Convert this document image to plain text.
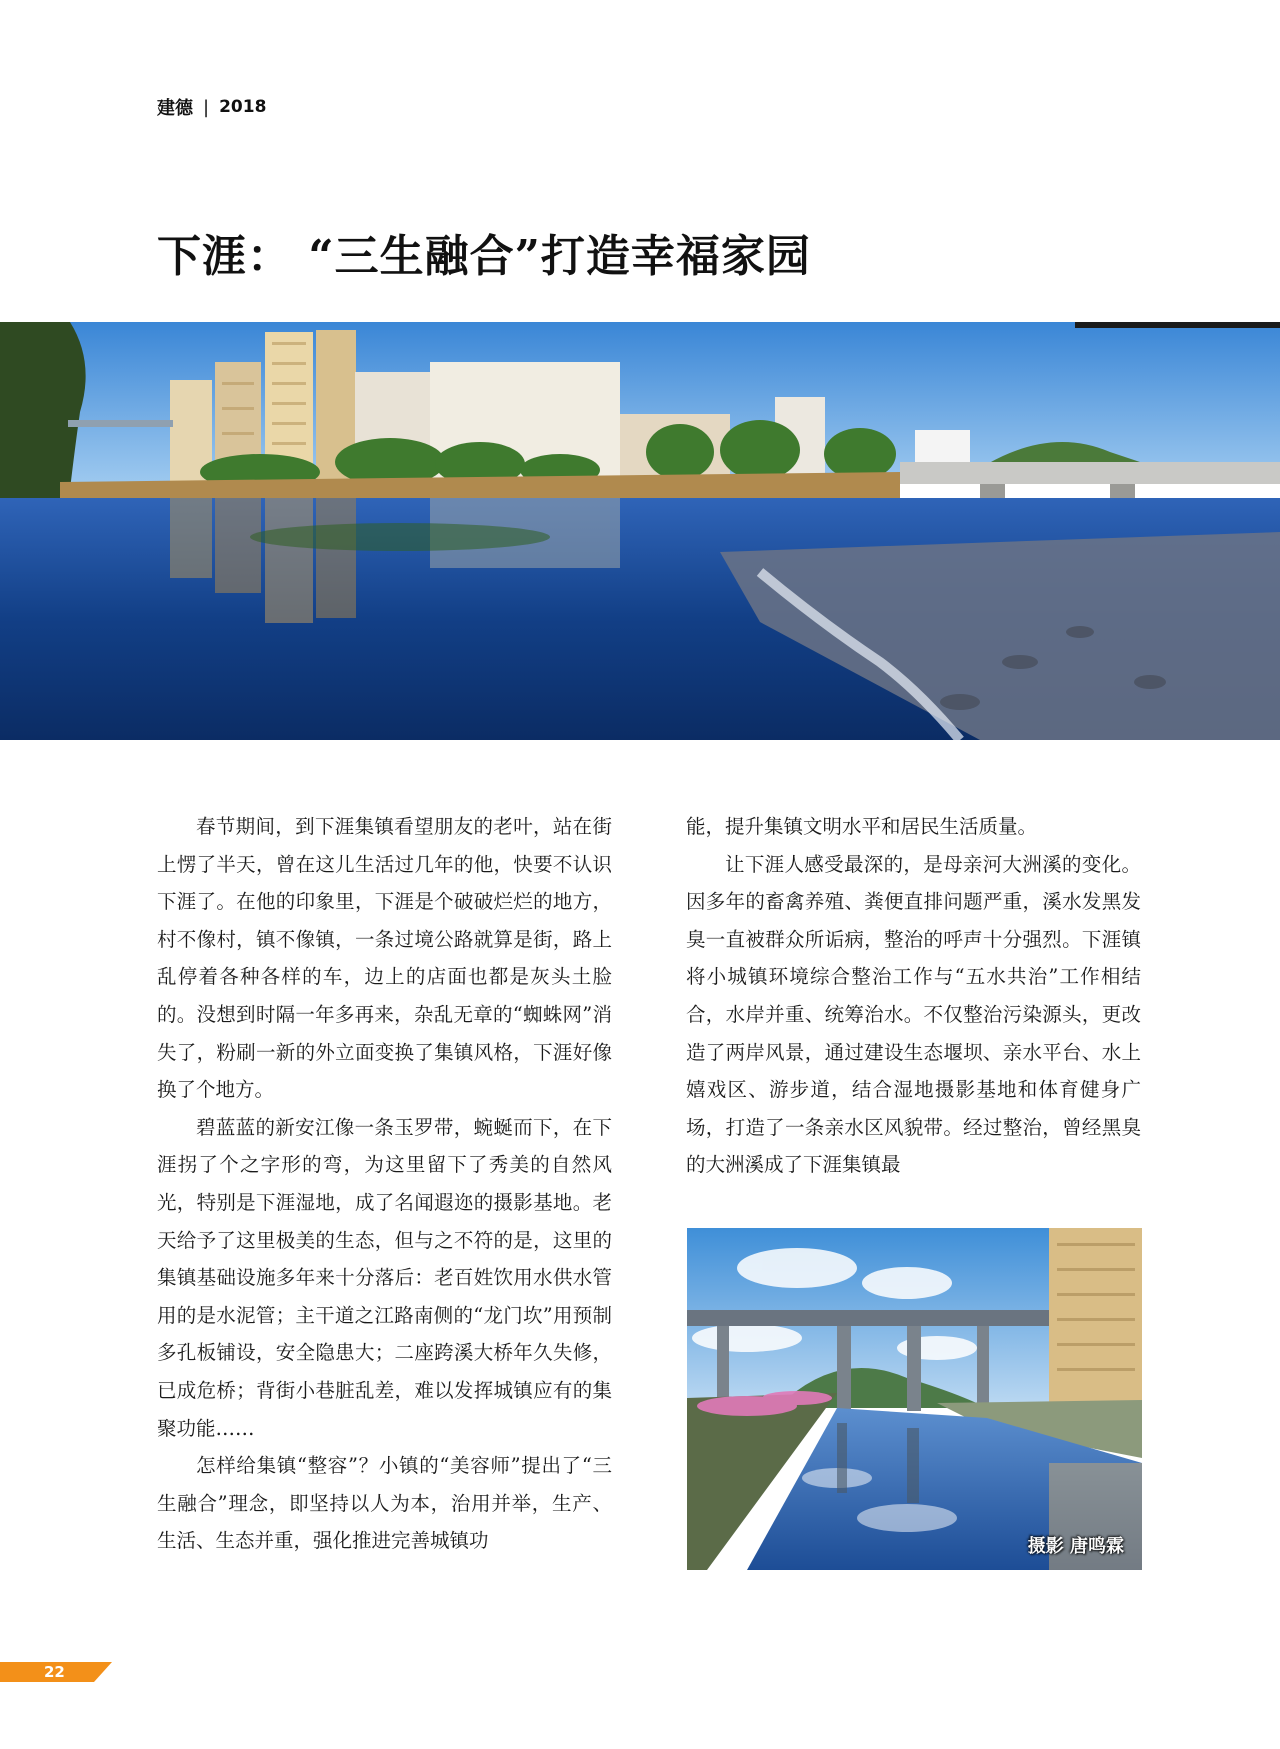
建德 | 2018
下涯： “三生融合”打造幸福家园

春节期间，到下涯集镇看望朋友的老叶，站在街上愣了半天，曾在这儿生活过几年的他，快要不认识下涯了。在他的印象里，下涯是个破破烂烂的地方，村不像村，镇不像镇，一条过境公路就算是街，路上乱停着各种各样的车，边上的店面也都是灰头土脸的。没想到时隔一年多再来，杂乱无章的“蜘蛛网”消失了，粉刷一新的外立面变换了集镇风格，下涯好像换了个地方。

碧蓝蓝的新安江像一条玉罗带，蜿蜒而下，在下涯拐了个之字形的弯，为这里留下了秀美的自然风光，特别是下涯湿地，成了名闻遐迩的摄影基地。老天给予了这里极美的生态，但与之不符的是，这里的集镇基础设施多年来十分落后：老百姓饮用水供水管用的是水泥管；主干道之江路南侧的“龙门坎”用预制多孔板铺设，安全隐患大；二座跨溪大桥年久失修，已成危桥；背街小巷脏乱差，难以发挥城镇应有的集聚功能……

怎样给集镇“整容”？小镇的“美容师”提出了“三生融合”理念，即坚持以人为本，治用并举，生产、生活、生态并重，强化推进完善城镇功

能，提升集镇文明水平和居民生活质量。

让下涯人感受最深的，是母亲河大洲溪的变化。因多年的畜禽养殖、粪便直排问题严重，溪水发黑发臭一直被群众所诟病，整治的呼声十分强烈。下涯镇将小城镇环境综合整治工作与“五水共治”工作相结合，水岸并重、统筹治水。不仅整治污染源头，更改造了两岸风景，通过建设生态堰坝、亲水平台、水上嬉戏区、游步道，结合湿地摄影基地和体育健身广场，打造了一条亲水区风貌带。经过整治，曾经黑臭的大洲溪成了下涯集镇最

摄影 唐鸣霖
22
